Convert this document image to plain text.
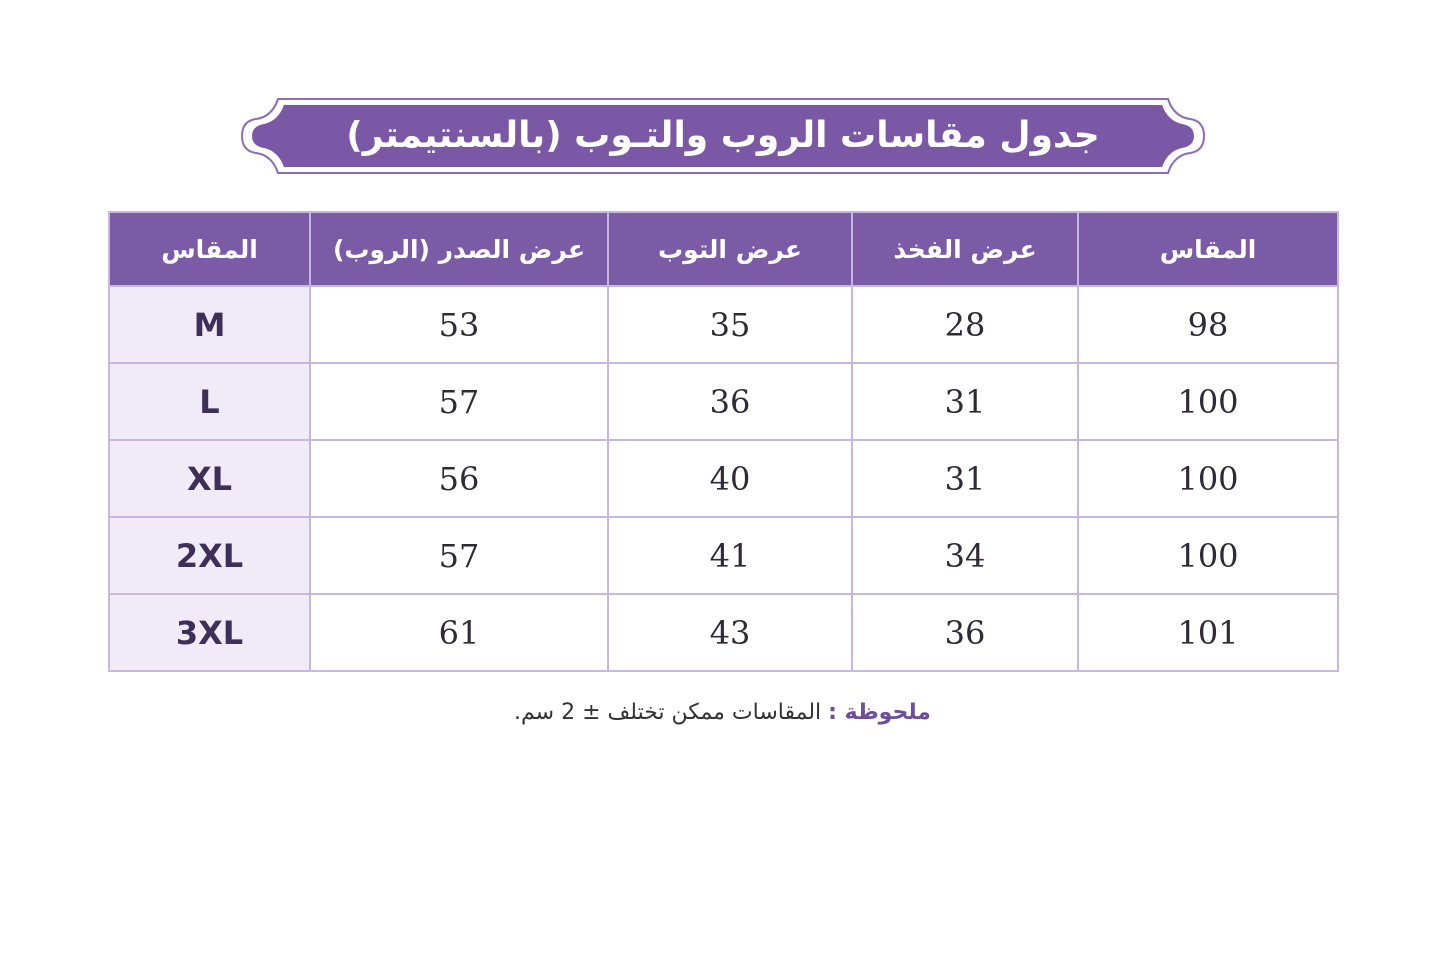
جدول مقاسات الروب والتـوب (بالسنتيمتر)
المقاس	عرض الصدر (الروب)	عرض التوب	عرض الفخذ	المقاس
M	53	35	28	98
L	57	36	31	100
XL	56	40	31	100
2XL	57	41	34	100
3XL	61	43	36	101
ملحوظة : المقاسات ممكن تختلف ± 2 سم.
